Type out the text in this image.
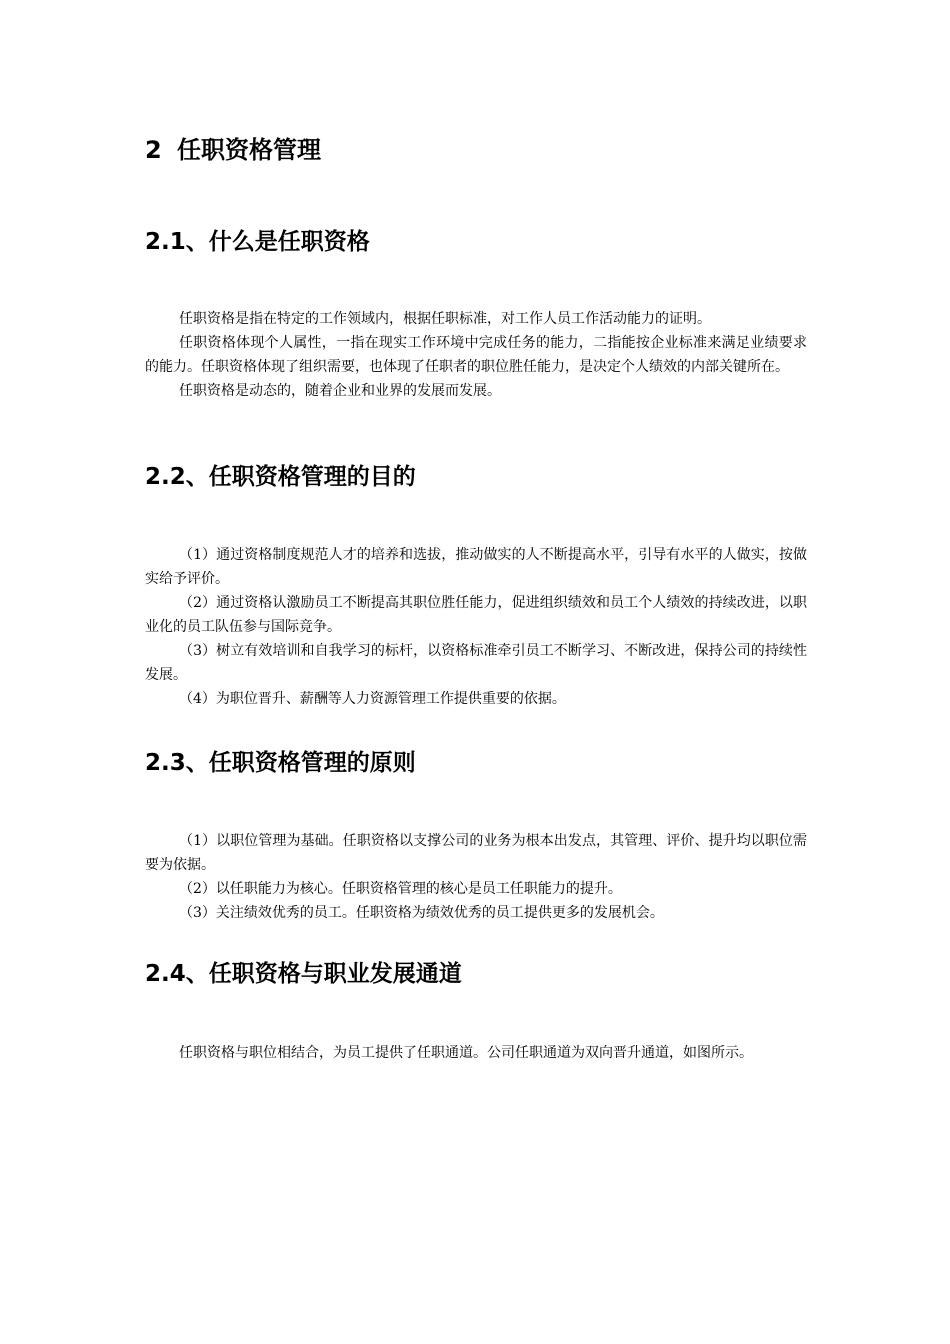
2 任职资格管理
2.1、什么是任职资格

任职资格是指在特定的工作领域内，根据任职标准，对工作人员工作活动能力的证明。

任职资格体现个人属性，一指在现实工作环境中完成任务的能力，二指能按企业标准来满足业绩要求的能力。任职资格体现了组织需要，也体现了任职者的职位胜任能力，是决定个人绩效的内部关键所在。

任职资格是动态的，随着企业和业界的发展而发展。

2.2、任职资格管理的目的

（1）通过资格制度规范人才的培养和选拔，推动做实的人不断提高水平，引导有水平的人做实，按做实给予评价。

（2）通过资格认激励员工不断提高其职位胜任能力，促进组织绩效和员工个人绩效的持续改进，以职业化的员工队伍参与国际竞争。

（3）树立有效培训和自我学习的标杆，以资格标准牵引员工不断学习、不断改进，保持公司的持续性发展。

（4）为职位晋升、薪酬等人力资源管理工作提供重要的依据。

2.3、任职资格管理的原则

（1）以职位管理为基础。任职资格以支撑公司的业务为根本出发点，其管理、评价、提升均以职位需要为依据。

（2）以任职能力为核心。任职资格管理的核心是员工任职能力的提升。

（3）关注绩效优秀的员工。任职资格为绩效优秀的员工提供更多的发展机会。

2.4、任职资格与职业发展通道

任职资格与职位相结合，为员工提供了任职通道。公司任职通道为双向晋升通道，如图所示。
